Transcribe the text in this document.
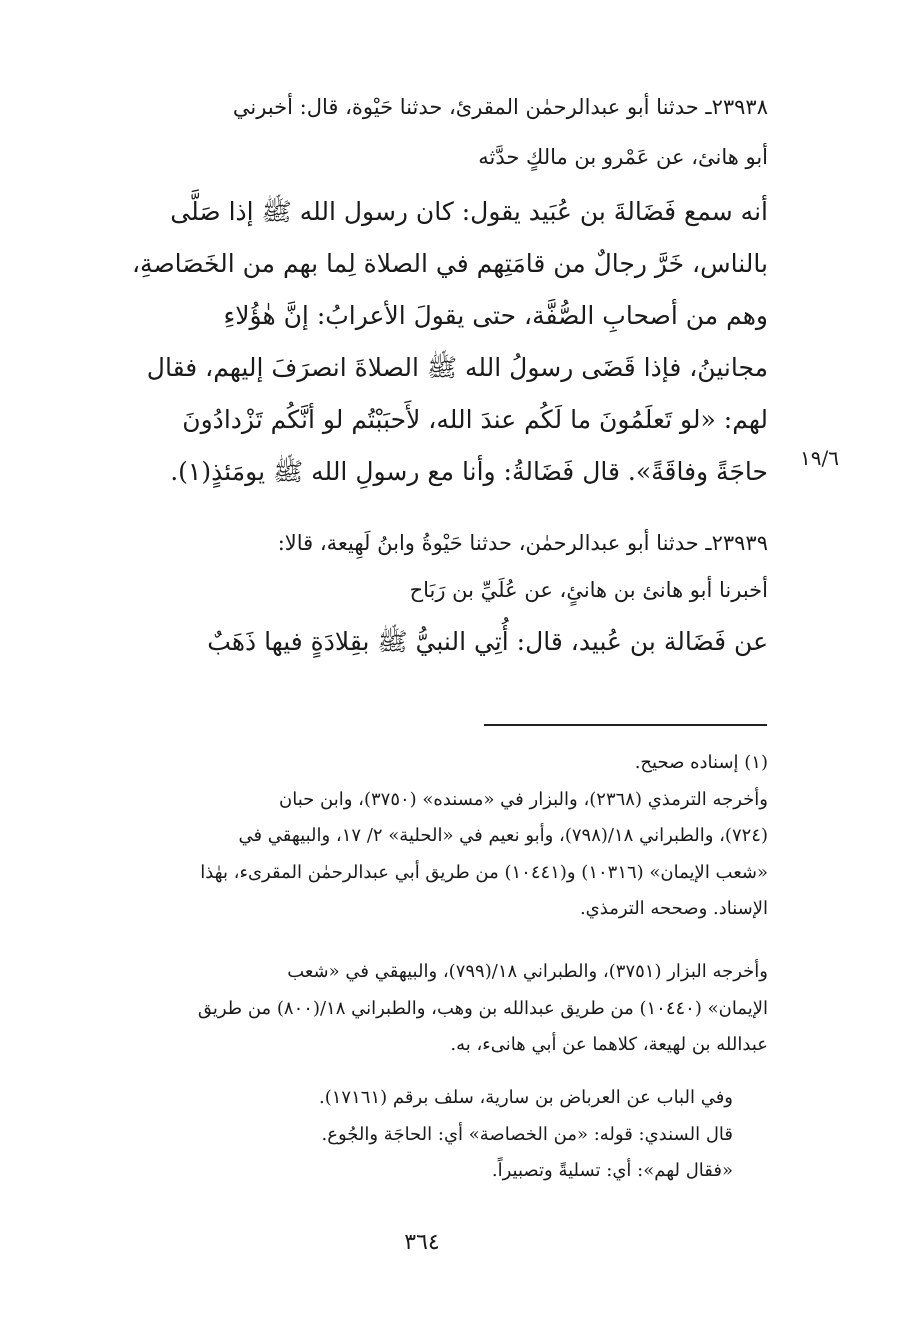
٢٣٩٣٨ـ حدثنا أبو عبدالرحمٰن المقرئ، حدثنا حَيْوة، قال: أخبرني
أبو هانئ، عن عَمْرو بن مالكٍ حدَّثه
أنه سمع فَضَالةَ بن عُبَيد يقول: كان رسول الله ﷺ إذا صَلَّى
بالناس، خَرَّ رجالٌ من قامَتِهم في الصلاة لِما بهم من الخَصَاصةِ،
وهم من أصحابِ الصُّفَّة، حتى يقولَ الأعرابُ: إنَّ هٰؤُلاءِ
مجانينُ، فإذا قَضَى رسولُ الله ﷺ الصلاةَ انصرَفَ إليهم، فقال
لهم: «لو تَعلَمُونَ ما لَكُم عندَ الله، لأَحبَبْتُم لو أنَّكُم تَزْدادُونَ
حاجَةً وفاقَةً». قال فَضَالةُ: وأنا مع رسولِ الله ﷺ يومَئذٍ(١). ١٩/٦
٢٣٩٣٩ـ حدثنا أبو عبدالرحمٰن، حدثنا حَيْوةُ وابنُ لَهِيعة، قالا:
أخبرنا أبو هانئ بن هانئٍ، عن عُلَيِّ بن رَبَاح
عن فَضَالة بن عُبيد، قال: أُتِي النبيُّ ﷺ بقِلادَةٍ فيها ذَهَبٌ
(١) إسناده صحيح.
وأخرجه الترمذي (٢٣٦٨)، والبزار في «مسنده» (٣٧٥٠)، وابن حبان
(٧٢٤)، والطبراني ١٨/(٧٩٨)، وأبو نعيم في «الحلية» ٢/ ١٧، والبيهقي في
«شعب الإيمان» (١٠٣١٦) و(١٠٤٤١) من طريق أبي عبدالرحمٰن المقرىء، بهٰذا
الإسناد. وصححه الترمذي.
وأخرجه البزار (٣٧٥١)، والطبراني ١٨/(٧٩٩)، والبيهقي في «شعب
الإيمان» (١٠٤٤٠) من طريق عبدالله بن وهب، والطبراني ١٨/(٨٠٠) من طريق
عبدالله بن لهيعة، كلاهما عن أبي هانىء، به.
وفي الباب عن العرباض بن سارية، سلف برقم (١٧١٦١).
قال السندي: قوله: «من الخصاصة» أي: الحاجَة والجُوع.
«فقال لهم»: أي: تسليةً وتصبيراً.
٣٦٤
